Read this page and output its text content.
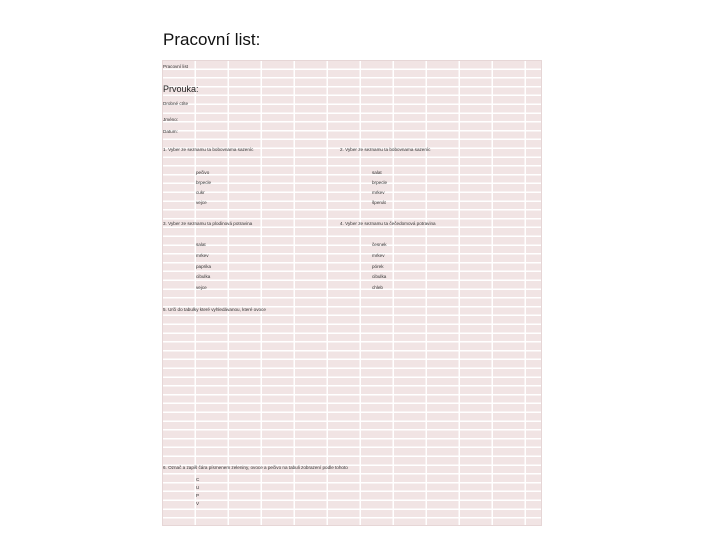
Pracovní list:
Pracovní list
Prvouka:
Drobné ctíte
Jméno:
Datum:
1. Vyber ze seznamu ta bobovnama sazeníc
pečivo
brpecle
cukr
vejce
2. Vyber ze seznamu ta bobovnama sazeníc
salat
brpecle
mrkev
špenát
3. Vyber ze seznamu ta plodinová potravina
salat
mrkev
paprika
cibulka
vejce
4. Vyber ze seznamu ta čečedomová potravina
česnek
mrkev
pórek
cibulka
chleb
5. Urči do tabulky které vyhledávanou, které ovoce
6. Označ a zapiš čára písmenem zeleniny, ovoce a pečivo na tabuli zobrazení podle tohoto
C
U
P
V
